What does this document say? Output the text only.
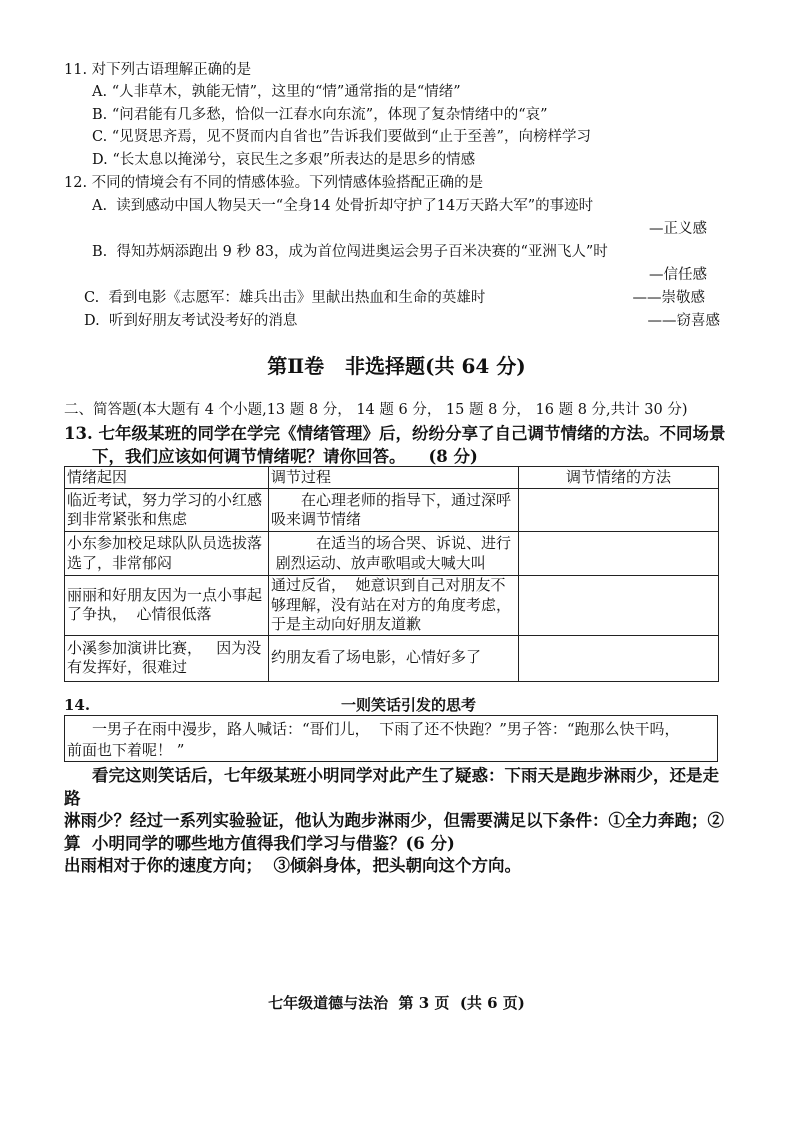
11. 对下列古语理解正确的是
A. “人非草木，孰能无情”，这里的“情”通常指的是“情绪”
B. “问君能有几多愁，恰似一江春水向东流”，体现了复杂情绪中的“哀”
C. “见贤思齐焉，见不贤而内自省也”告诉我们要做到“止于至善”，向榜样学习
D. “长太息以掩涕兮，哀民生之多艰”所表达的是思乡的情感
12. 不同的情境会有不同的情感体验。下列情感体验搭配正确的是
A.  读到感动中国人物吴天一“全身14 处骨折却守护了14万天路大军”的事迹时
—正义感
B.  得知苏炳添跑出 9 秒 83，成为首位闯进奥运会男子百米决赛的“亚洲飞人”时
—信任感
C.  看到电影《志愿军：雄兵出击》里献出热血和生命的英雄时	——崇敬感
D.  听到好朋友考试没考好的消息	——窃喜感
第Ⅱ卷   非选择题(共 64 分)
二、简答题(本大题有 4 个小题,13 题 8 分， 14 题 6 分， 15 题 8 分， 16 题 8 分,共计 30 分)
13. 七年级某班的同学在学完《情绪管理》后，纷纷分享了自己调节情绪的方法。不同场景
下，我们应该如何调节情绪呢？请你回答。    (8 分)
情绪起因	调节过程	调节情绪的方法
临近考试，努力学习的小红感
到非常紧张和焦虑	　　在心理老师的指导下，通过深呼
吸来调节情绪	
小东参加校足球队队员选拔落
选了，非常郁闷	　　　在适当的场合哭、诉说、进行
剧烈运动、放声歌唱或大喊大叫	
丽丽和好朋友因为一点小事起
了争执，  心情很低落	通过反省，  她意识到自己对朋友不
够理解，没有站在对方的角度考虑，
于是主动向好朋友道歉	
小溪参加演讲比赛，   因为没
有发挥好，很难过	约朋友看了场电影，心情好多了	
14.	一则笑话引发的思考
一男子在雨中漫步，路人喊话：“哥们儿，  下雨了还不快跑？”男子答：“跑那么快干吗，
前面也下着呢！ ”
看完这则笑话后，七年级某班小明同学对此产生了疑惑：下雨天是跑步淋雨少，还是走路
淋雨少？经过一系列实验验证，他认为跑步淋雨少，但需要满足以下条件：①全力奔跑；②算
出雨相对于你的速度方向；  ③倾斜身体，把头朝向这个方向。
小明同学的哪些地方值得我们学习与借鉴？(6 分)
七年级道德与法治  第 3 页  (共 6 页)
